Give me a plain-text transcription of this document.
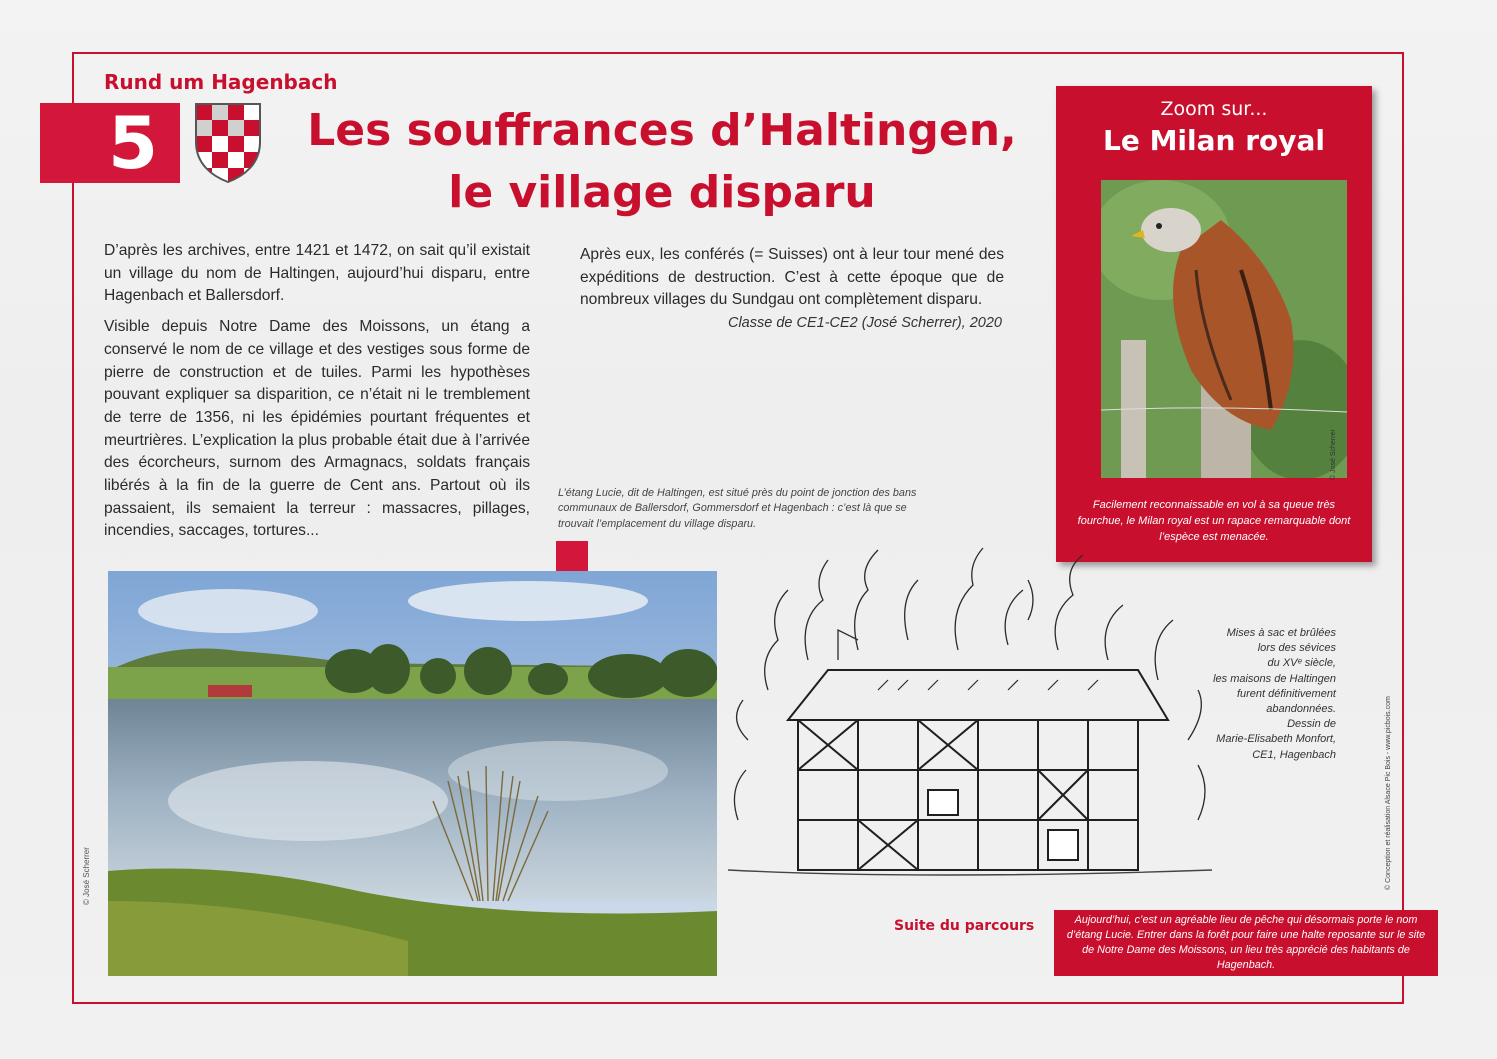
Rund um Hagenbach
5	Les souffrances d’Haltingen,
le village disparu

D’après les archives, entre 1421 et 1472, on sait qu’il existait un village du nom de Haltingen, aujourd’hui disparu, entre Hagenbach et Ballersdorf.

Visible depuis Notre Dame des Moissons, un étang a conservé le nom de ce village et des vestiges sous forme de pierre de construction et de tuiles. Parmi les hypothèses pouvant expliquer sa disparition, ce n’était ni le tremblement de terre de 1356, ni les épidémies pourtant fréquentes et meurtrières. L’explication la plus probable était due à l’arrivée des écorcheurs, surnom des Armagnacs, soldats français libérés à la fin de la guerre de Cent ans. Partout où ils passaient, ils semaient la terreur : massacres, pillages, incendies, saccages, tortures...

Après eux, les conférés (= Suisses) ont à leur tour mené des expéditions de destruction. C’est à cette époque que de nombreux villages du Sundgau ont complètement disparu.

Classe de CE1-CE2 (José Scherrer), 2020
L’étang Lucie, dit de Haltingen, est situé près du point de jonction des bans communaux de Ballersdorf, Gommersdorf et Hagenbach : c’est là que se trouvait l’emplacement du village disparu.
© José Scherrer
Zoom sur...
Le Milan royal
© José Scherrer
Facilement reconnaissable en vol à sa queue très fourchue, le Milan royal est un rapace remarquable dont l’espèce est menacée.
Mises à sac et brûlées
lors des sévices
du XVᵉ siècle,
les maisons de Haltingen
furent définitivement
abandonnées.
Dessin de
Marie-Elisabeth Monfort,
CE1, Hagenbach	© Conception et réalisation Alsace Pic Bois - www.picbois.com
Suite du parcours	Aujourd’hui, c’est un agréable lieu de pêche qui désormais porte le nom d’étang Lucie. Entrer dans la forêt pour faire une halte reposante sur le site de Notre Dame des Moissons, un lieu très apprécié des habitants de Hagenbach.
